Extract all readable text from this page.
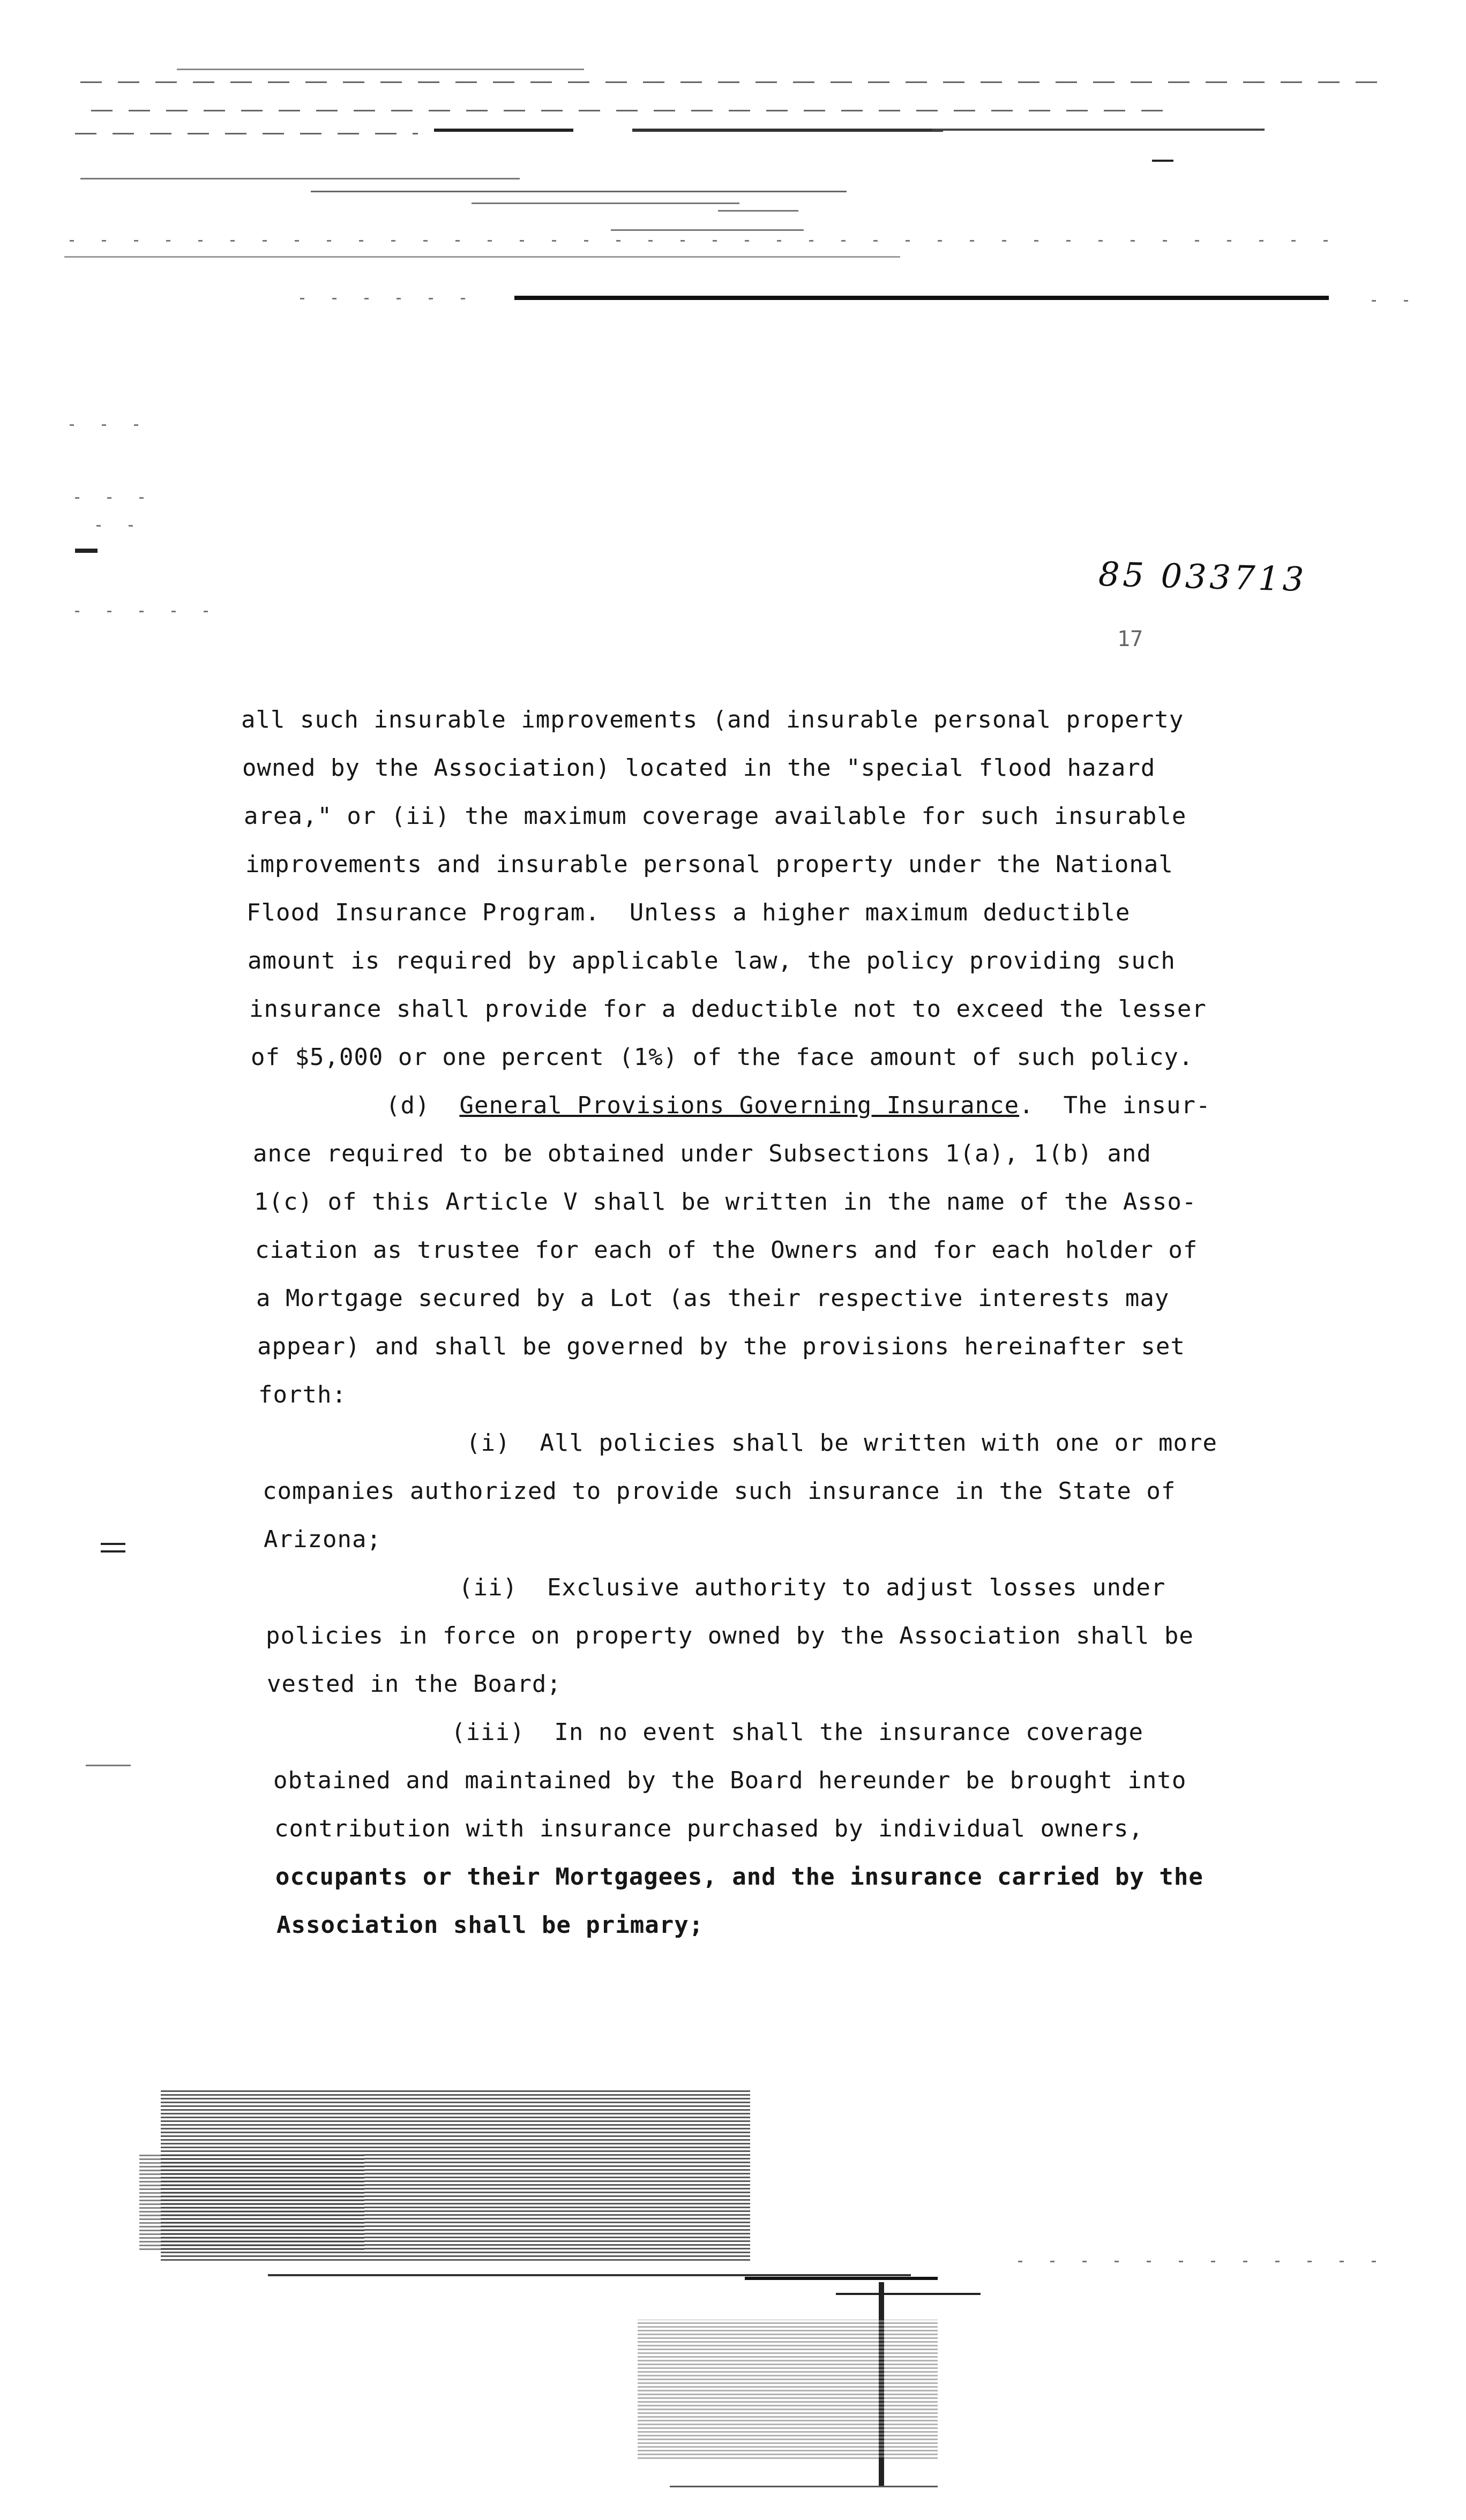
85 033713
17
all such insurable improvements (and insurable personal property
owned by the Association) located in the "special flood hazard
area," or (ii) the maximum coverage available for such insurable
improvements and insurable personal property under the National
Flood Insurance Program.  Unless a higher maximum deductible
amount is required by applicable law, the policy providing such
insurance shall provide for a deductible not to exceed the lesser
of $5,000 or one percent (1%) of the face amount of such policy.
(d) General Provisions Governing Insurance.  The insur-
ance required to be obtained under Subsections 1(a), 1(b) and
1(c) of this Article V shall be written in the name of the Asso-
ciation as trustee for each of the Owners and for each holder of
a Mortgage secured by a Lot (as their respective interests may
appear) and shall be governed by the provisions hereinafter set
forth:
(i)  All policies shall be written with one or more
companies authorized to provide such insurance in the State of
Arizona;
(ii)  Exclusive authority to adjust losses under
policies in force on property owned by the Association shall be
vested in the Board;
(iii)  In no event shall the insurance coverage
obtained and maintained by the Board hereunder be brought into
contribution with insurance purchased by individual owners,
occupants or their Mortgagees, and the insurance carried by the
Association shall be primary;
